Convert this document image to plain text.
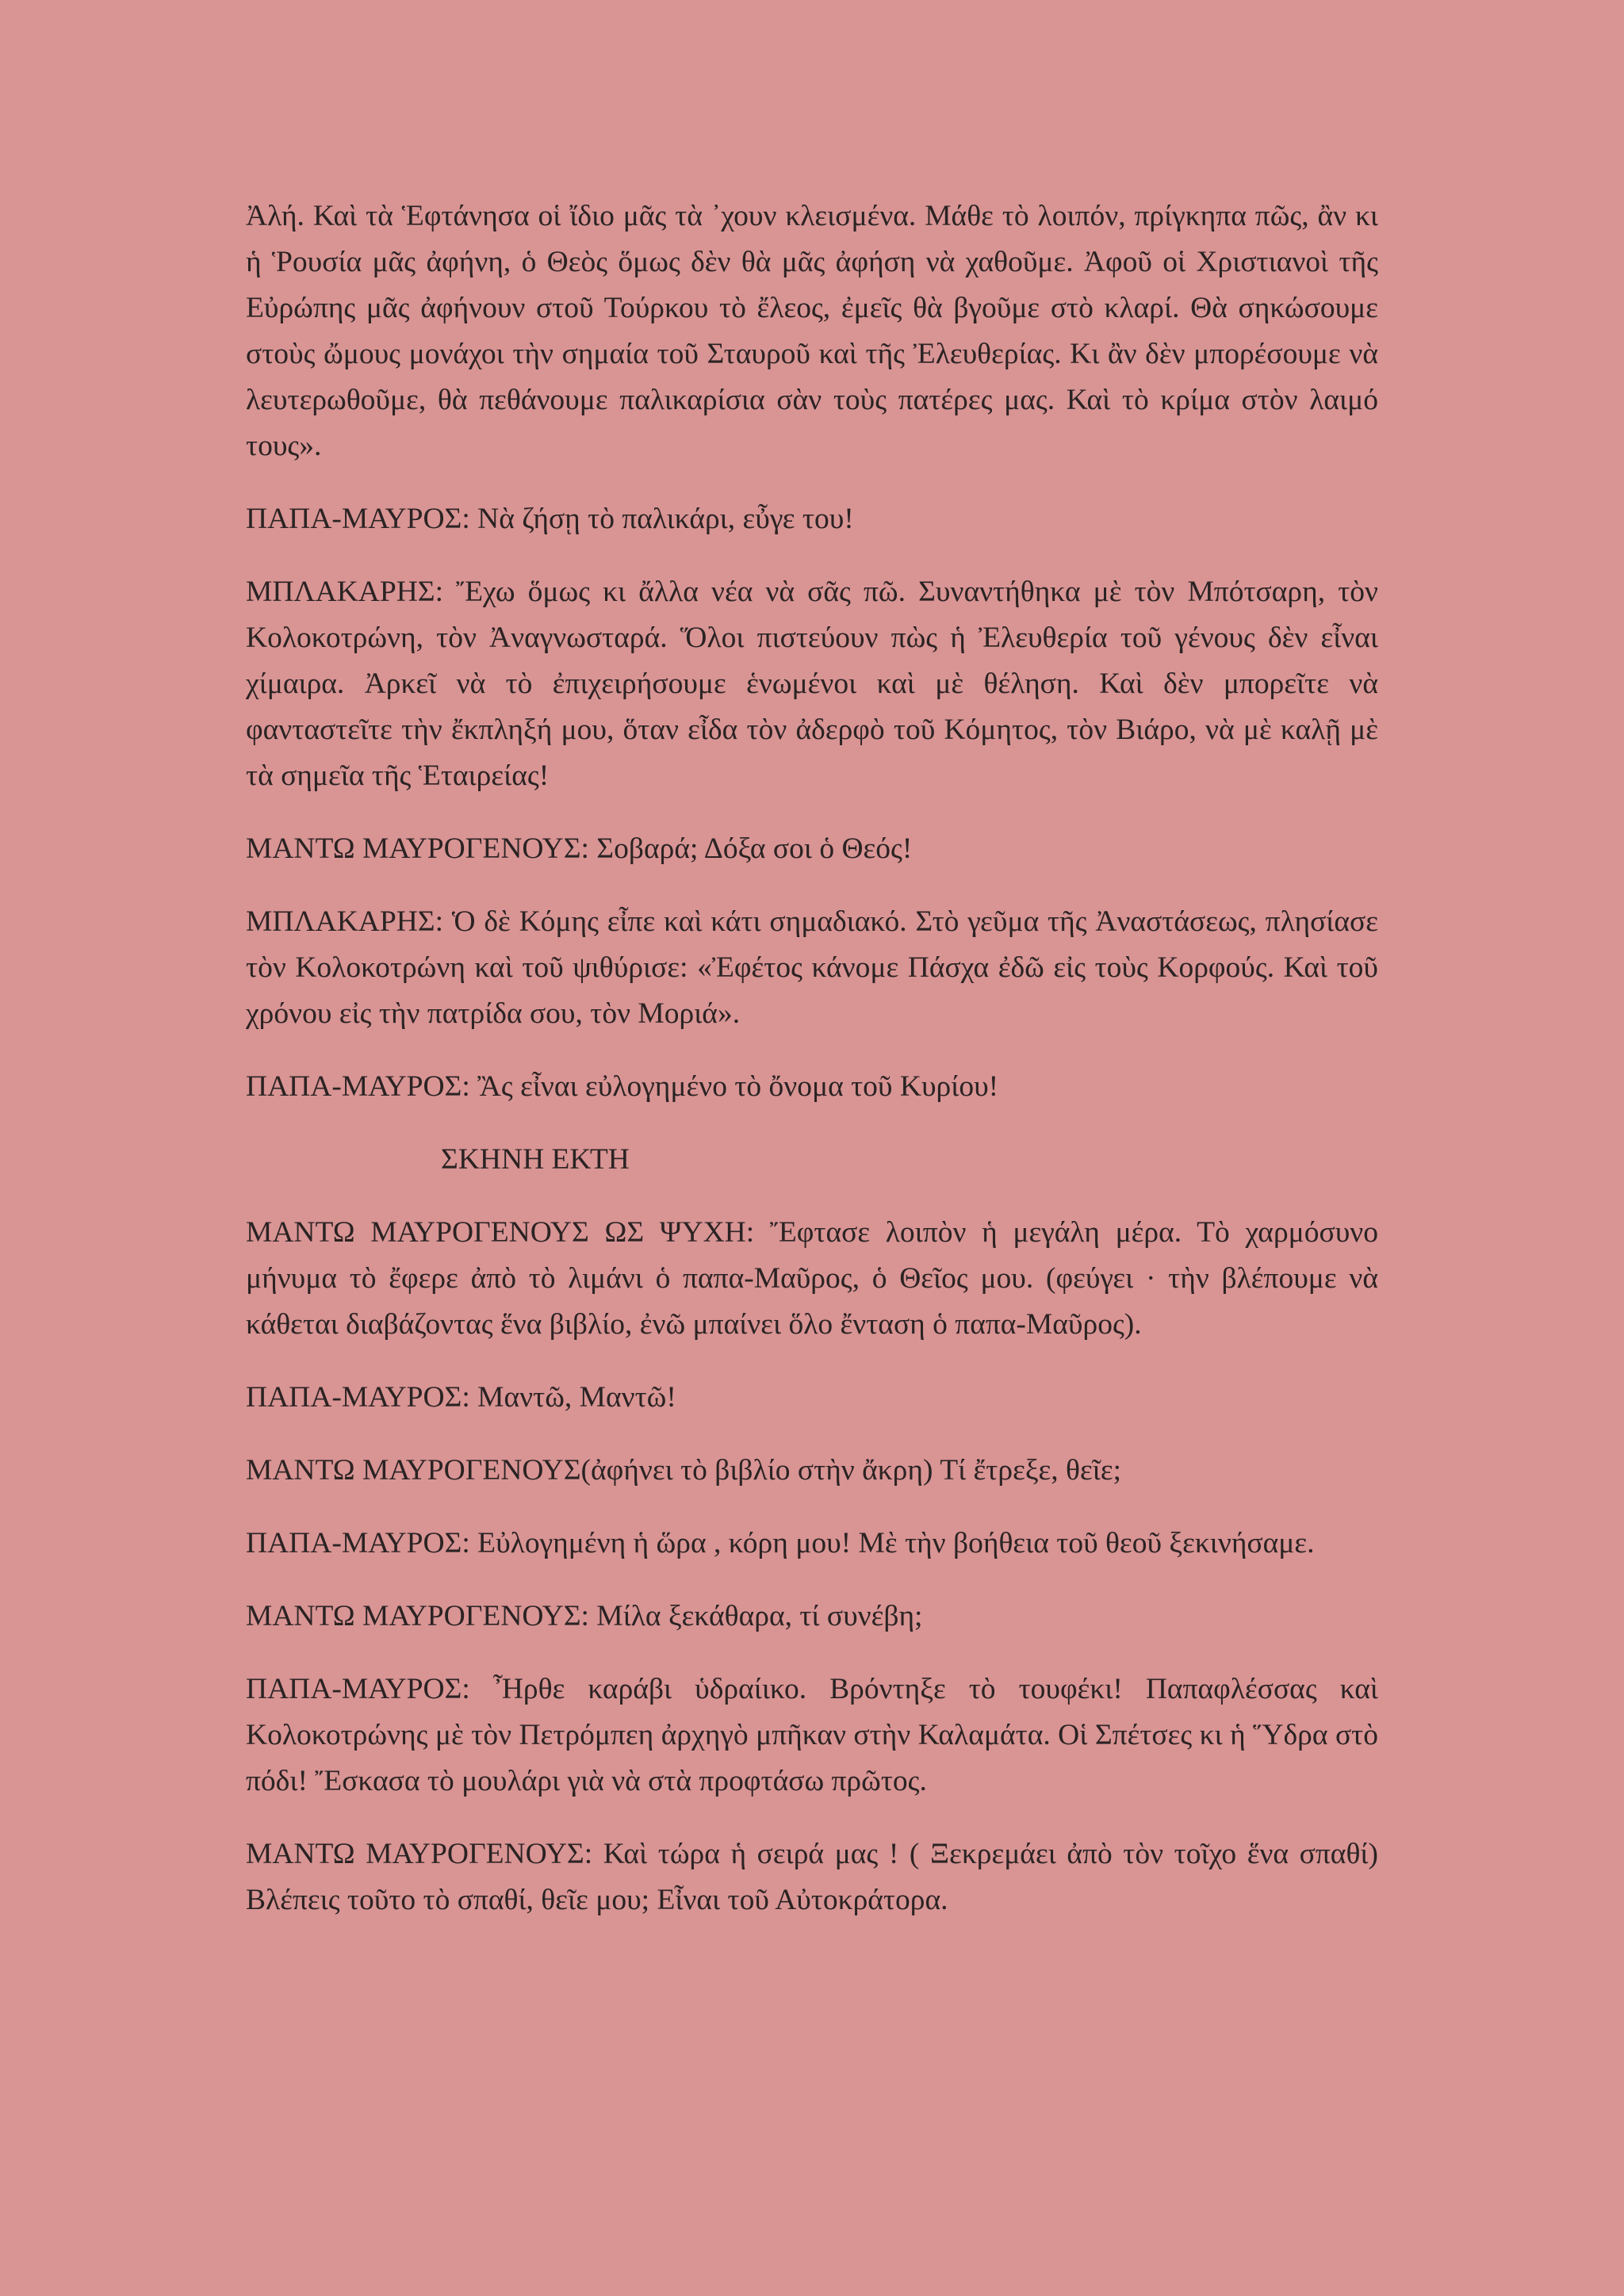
Ἀλή. Καὶ τὰ Ἑφτάνησα οἱ ἴδιο μᾶς τὰ ᾿χουν κλεισμένα. Μάθε τὸ λοιπόν, πρίγκηπα πῶς, ἂν κι ἡ Ῥουσία μᾶς ἀφήνη, ὁ Θεὸς ὅμως δὲν θὰ μᾶς ἀφήση νὰ χαθοῦμε. Ἀφοῦ οἱ Χριστιανοὶ τῆς Εὐρώπης μᾶς ἀφήνουν στοῦ Τούρκου τὸ ἔλεος, ἐμεῖς θὰ βγοῦμε στὸ κλαρί. Θὰ σηκώσουμε στοὺς ὤμους μονάχοι τὴν σημαία τοῦ Σταυροῦ καὶ τῆς Ἐλευθερίας. Κι ἂν δὲν μπορέσουμε νὰ λευτερωθοῦμε, θὰ πεθάνουμε παλικαρίσια σὰν τοὺς πατέρες μας. Καὶ τὸ κρίμα στὸν λαιμό τους».

ΠΑΠΑ-ΜΑΥΡΟΣ: Νὰ ζήσῃ τὸ παλικάρι, εὖγε του!

ΜΠΛΑΚΑΡΗΣ: Ἔχω ὅμως κι ἄλλα νέα νὰ σᾶς πῶ. Συναντήθηκα μὲ τὸν Μπότσαρη, τὸν Κολοκοτρώνη, τὸν Ἀναγνωσταρά. Ὅλοι πιστεύουν πὼς ἡ Ἐλευθερία τοῦ γένους δὲν εἶναι χίμαιρα. Ἀρκεῖ νὰ τὸ ἐπιχειρήσουμε ἑνωμένοι καὶ μὲ θέληση. Καὶ δὲν μπορεῖτε νὰ φανταστεῖτε τὴν ἔκπληξή μου, ὅταν εἶδα τὸν ἀδερφὸ τοῦ Κόμητος, τὸν Βιάρο, νὰ μὲ καλῇ μὲ τὰ σημεῖα τῆς Ἑταιρείας!

ΜΑΝΤΩ ΜΑΥΡΟΓΕΝΟΥΣ: Σοβαρά; Δόξα σοι ὁ Θεός!

ΜΠΛΑΚΑΡΗΣ: Ὁ δὲ Κόμης εἶπε καὶ κάτι σημαδιακό. Στὸ γεῦμα τῆς Ἀναστάσεως, πλησίασε τὸν Κολοκοτρώνη καὶ τοῦ ψιθύρισε: «Ἐφέτος κάνομε Πάσχα ἐδῶ εἰς τοὺς Κορφούς. Καὶ τοῦ χρόνου εἰς τὴν πατρίδα σου, τὸν Μοριά».

ΠΑΠΑ-ΜΑΥΡΟΣ: Ἂς εἶναι εὐλογημένο τὸ ὄνομα τοῦ Κυρίου!

ΣΚΗΝΗ ΕΚΤΗ

ΜΑΝΤΩ ΜΑΥΡΟΓΕΝΟΥΣ ΩΣ ΨΥΧΗ: Ἔφτασε λοιπὸν ἡ μεγάλη μέρα. Τὸ χαρμόσυνο μήνυμα τὸ ἔφερε ἀπὸ τὸ λιμάνι ὁ παπα-Μαῦρος, ὁ Θεῖος μου. (φεύγει · τὴν βλέπουμε νὰ κάθεται διαβάζοντας ἕνα βιβλίο, ἐνῶ μπαίνει ὅλο ἔνταση ὁ παπα-Μαῦρος).

ΠΑΠΑ-ΜΑΥΡΟΣ: Μαντῶ, Μαντῶ!

ΜΑΝΤΩ ΜΑΥΡΟΓΕΝΟΥΣ(ἀφήνει τὸ βιβλίο στὴν ἄκρη) Τί ἔτρεξε, θεῖε;

ΠΑΠΑ-ΜΑΥΡΟΣ: Εὐλογημένη ἡ ὥρα , κόρη μου! Μὲ τὴν βοήθεια τοῦ θεοῦ ξεκινήσαμε.

ΜΑΝΤΩ ΜΑΥΡΟΓΕΝΟΥΣ: Μίλα ξεκάθαρα, τί συνέβη;

ΠΑΠΑ-ΜΑΥΡΟΣ: Ἦρθε καράβι ὑδραίικο. Βρόντηξε τὸ τουφέκι! Παπαφλέσσας καὶ Κολοκοτρώνης μὲ τὸν Πετρόμπεη ἀρχηγὸ μπῆκαν στὴν Καλαμάτα. Οἱ Σπέτσες κι ἡ Ὕδρα στὸ πόδι! Ἔσκασα τὸ μουλάρι γιὰ νὰ στὰ προφτάσω πρῶτος.

ΜΑΝΤΩ ΜΑΥΡΟΓΕΝΟΥΣ: Καὶ τώρα ἡ σειρά μας ! ( Ξεκρεμάει ἀπὸ τὸν τοῖχο ἕνα σπαθί) Βλέπεις τοῦτο τὸ σπαθί, θεῖε μου; Εἶναι τοῦ Αὐτοκράτορα.
